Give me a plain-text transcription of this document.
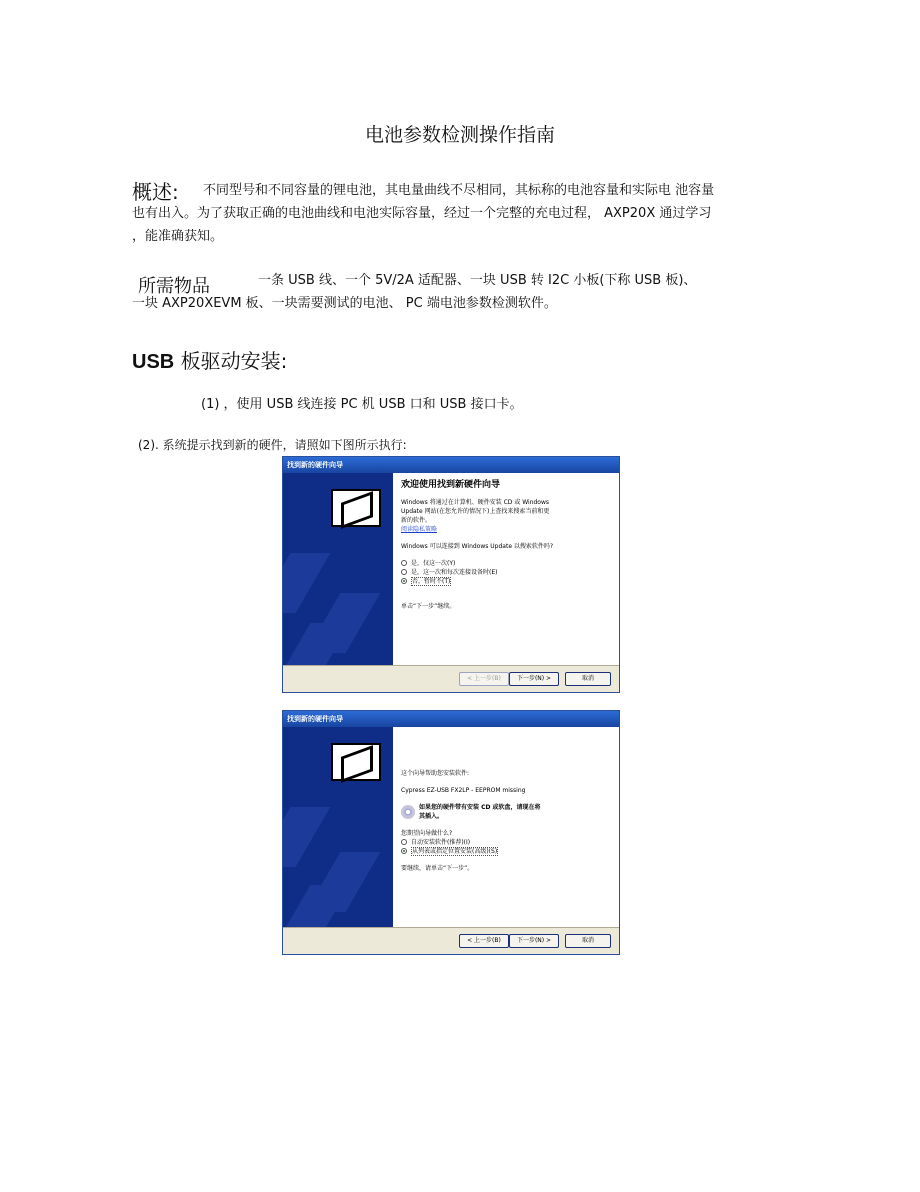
电池参数检测操作指南
概述: 不同型号和不同容量的锂电池，其电量曲线不尽相同，其标称的电池容量和实际电 池容量
也有出入。为了获取正确的电池曲线和电池实际容量，经过一个完整的充电过程， AXP20X 通过学习
，能准确获知。
所需物品	一条 USB 线、一个 5V/2A 适配器、一块 USB 转 I2C 小板(下称 USB 板)、
一块 AXP20XEVM 板、一块需要测试的电池、 PC 端电池参数检测软件。
USB 板驱动安装:
(1) ，使用 USB 线连接 PC 机 USB 口和 USB 接口卡。
(2). 系统提示找到新的硬件，请照如下图所示执行:
找到新的硬件向导
欢迎使用找到新硬件向导
Windows 将通过在计算机、硬件安装 CD 或 Windows
Update 网站(在您允许的情况下)上查找来搜索当前和更
新的软件。
阅读隐私策略
Windows 可以连接到 Windows Update 以搜索软件吗?
是，仅这一次(Y)
是，这一次和每次连接设备时(E)
否，暂时不(T)
单击“下一步”继续。
< 上一步(B)	下一步(N) >	取消
找到新的硬件向导
这个向导帮助您安装软件:
Cypress EZ-USB FX2LP - EEPROM missing
如果您的硬件带有安装 CD 或软盘，请现在将
其插入。
您期望向导做什么?
自动安装软件(推荐)(I)
从列表或指定位置安装(高级)(S)
要继续，请单击“下一步”。
< 上一步(B)	下一步(N) >	取消
